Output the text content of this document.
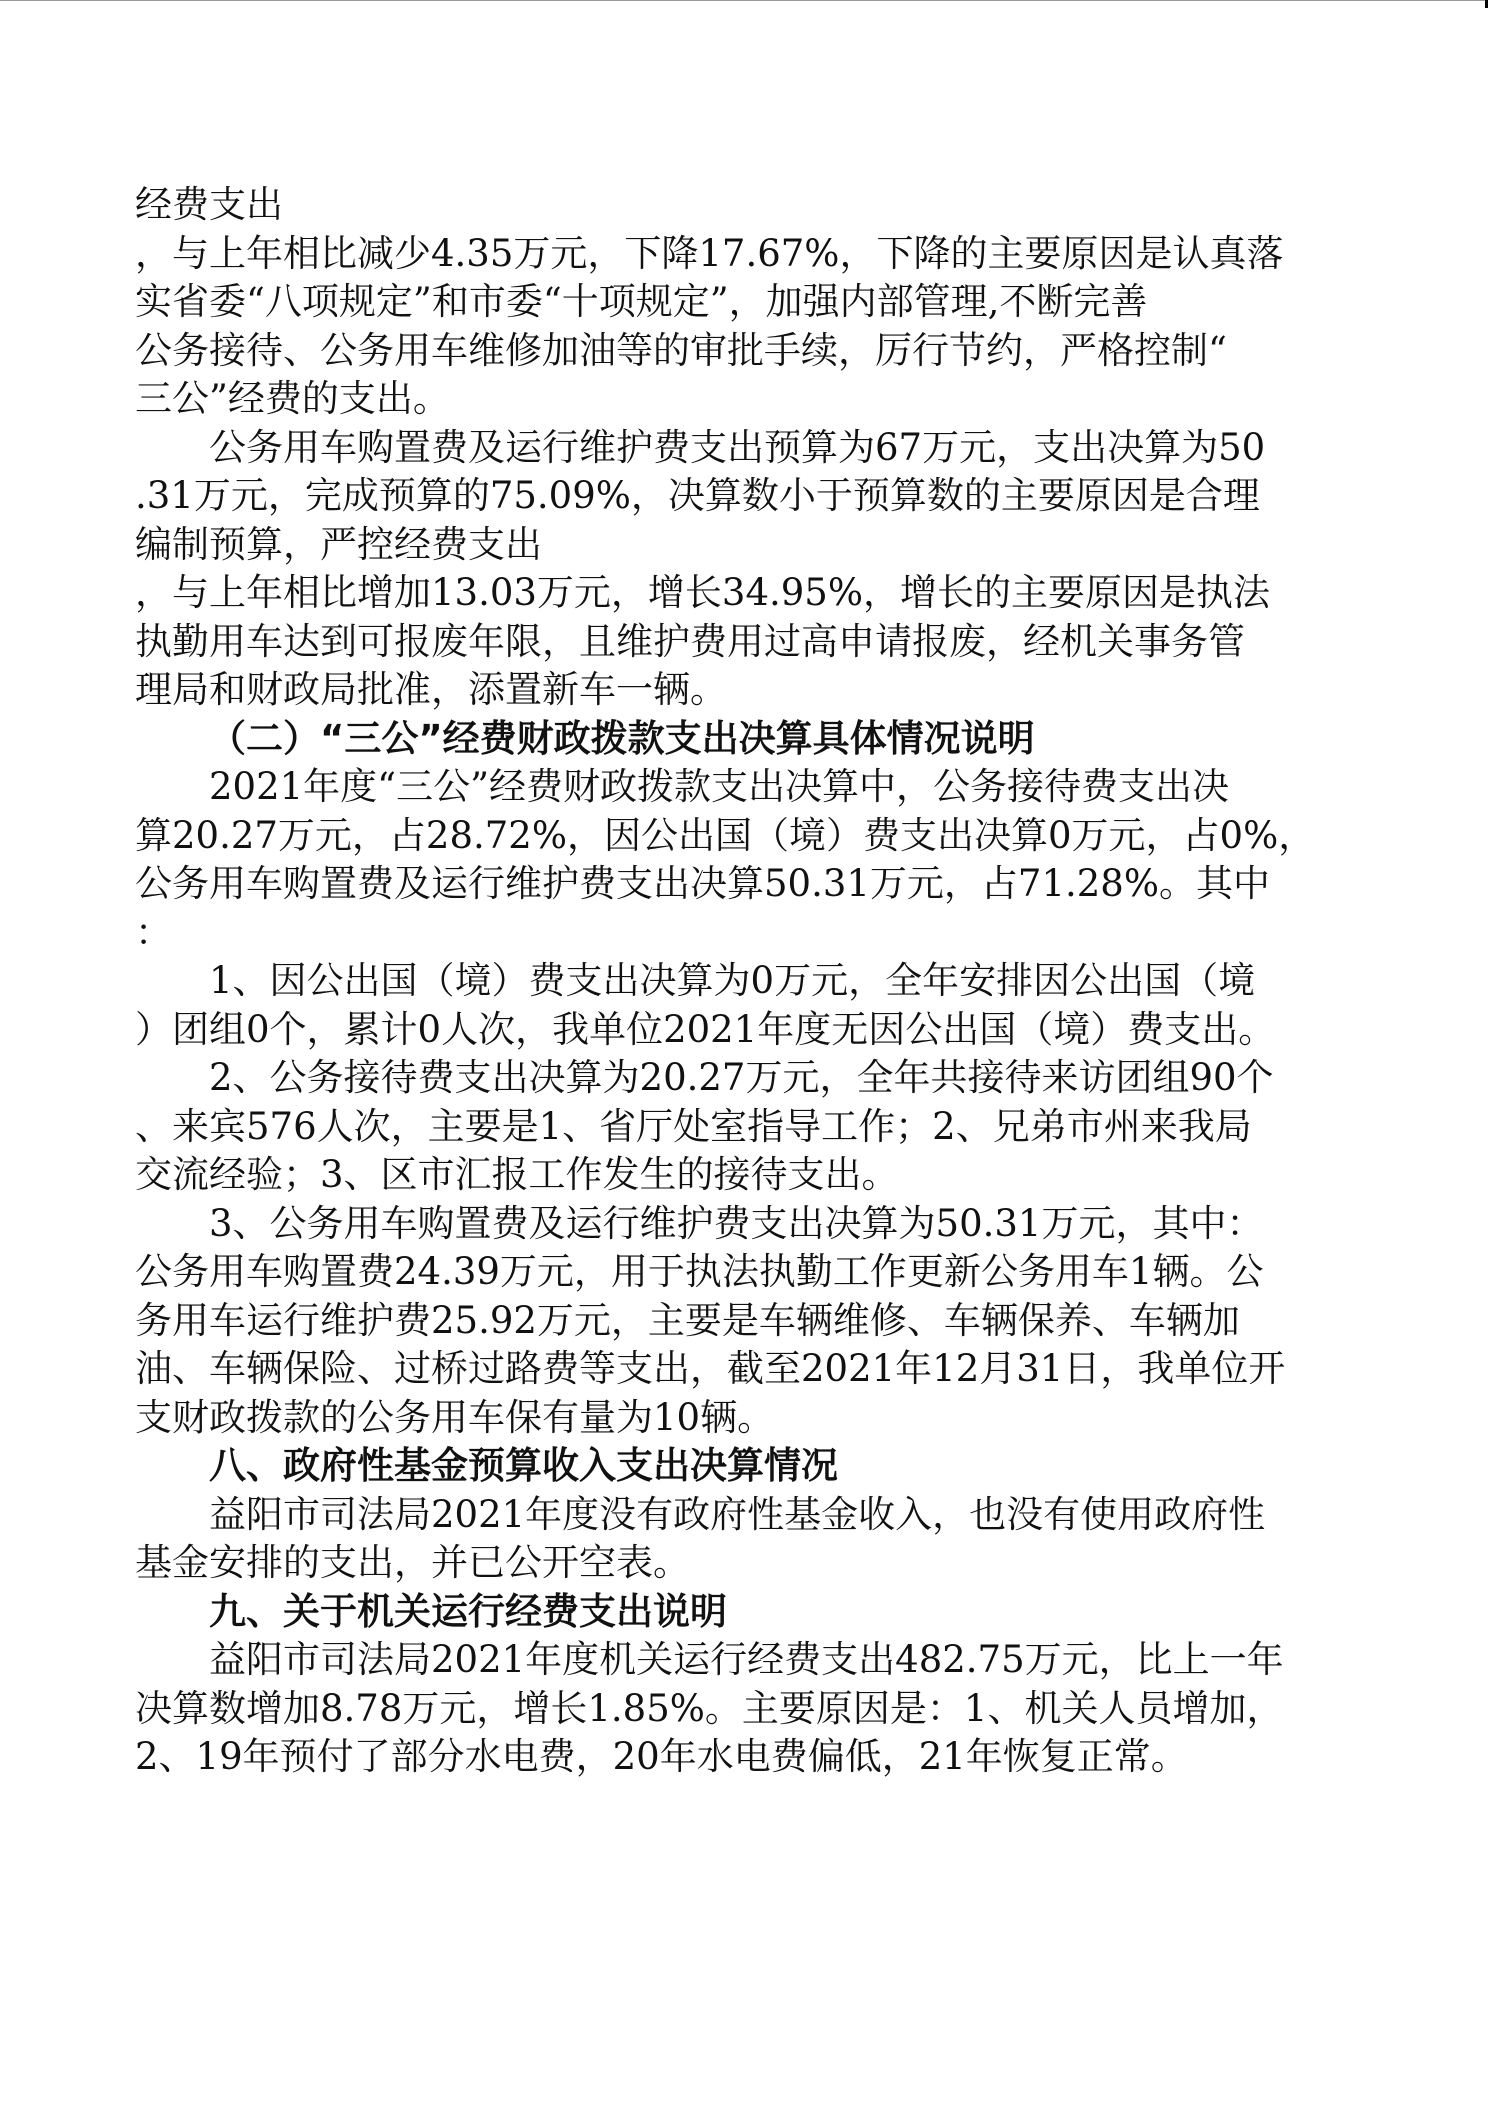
经费支出
，与上年相比减少4.35万元，下降17.67%，下降的主要原因是认真落
实省委“八项规定”和市委“十项规定”，加强内部管理,不断完善
公务接待、公务用车维修加油等的审批手续，厉行节约，严格控制“
三公”经费的支出。
公务用车购置费及运行维护费支出预算为67万元，支出决算为50
.31万元，完成预算的75.09%，决算数小于预算数的主要原因是合理
编制预算，严控经费支出
，与上年相比增加13.03万元，增长34.95%，增长的主要原因是执法
执勤用车达到可报废年限，且维护费用过高申请报废，经机关事务管
理局和财政局批准，添置新车一辆。
（二）“三公”经费财政拨款支出决算具体情况说明
2021年度“三公”经费财政拨款支出决算中，公务接待费支出决
算20.27万元，占28.72%，因公出国（境）费支出决算0万元，占0%，
公务用车购置费及运行维护费支出决算50.31万元，占71.28%。其中
：
1、因公出国（境）费支出决算为0万元，全年安排因公出国（境
）团组0个，累计0人次，我单位2021年度无因公出国（境）费支出。
2、公务接待费支出决算为20.27万元，全年共接待来访团组90个
、来宾576人次，主要是1、省厅处室指导工作；2、兄弟市州来我局
交流经验；3、区市汇报工作发生的接待支出。
3、公务用车购置费及运行维护费支出决算为50.31万元，其中：
公务用车购置费24.39万元，用于执法执勤工作更新公务用车1辆。公
务用车运行维护费25.92万元，主要是车辆维修、车辆保养、车辆加
油、车辆保险、过桥过路费等支出，截至2021年12月31日，我单位开
支财政拨款的公务用车保有量为10辆。
八、政府性基金预算收入支出决算情况
益阳市司法局2021年度没有政府性基金收入，也没有使用政府性
基金安排的支出，并已公开空表。
九、关于机关运行经费支出说明
益阳市司法局2021年度机关运行经费支出482.75万元，比上一年
决算数增加8.78万元，增长1.85%。主要原因是：1、机关人员增加，
2、19年预付了部分水电费，20年水电费偏低，21年恢复正常。
